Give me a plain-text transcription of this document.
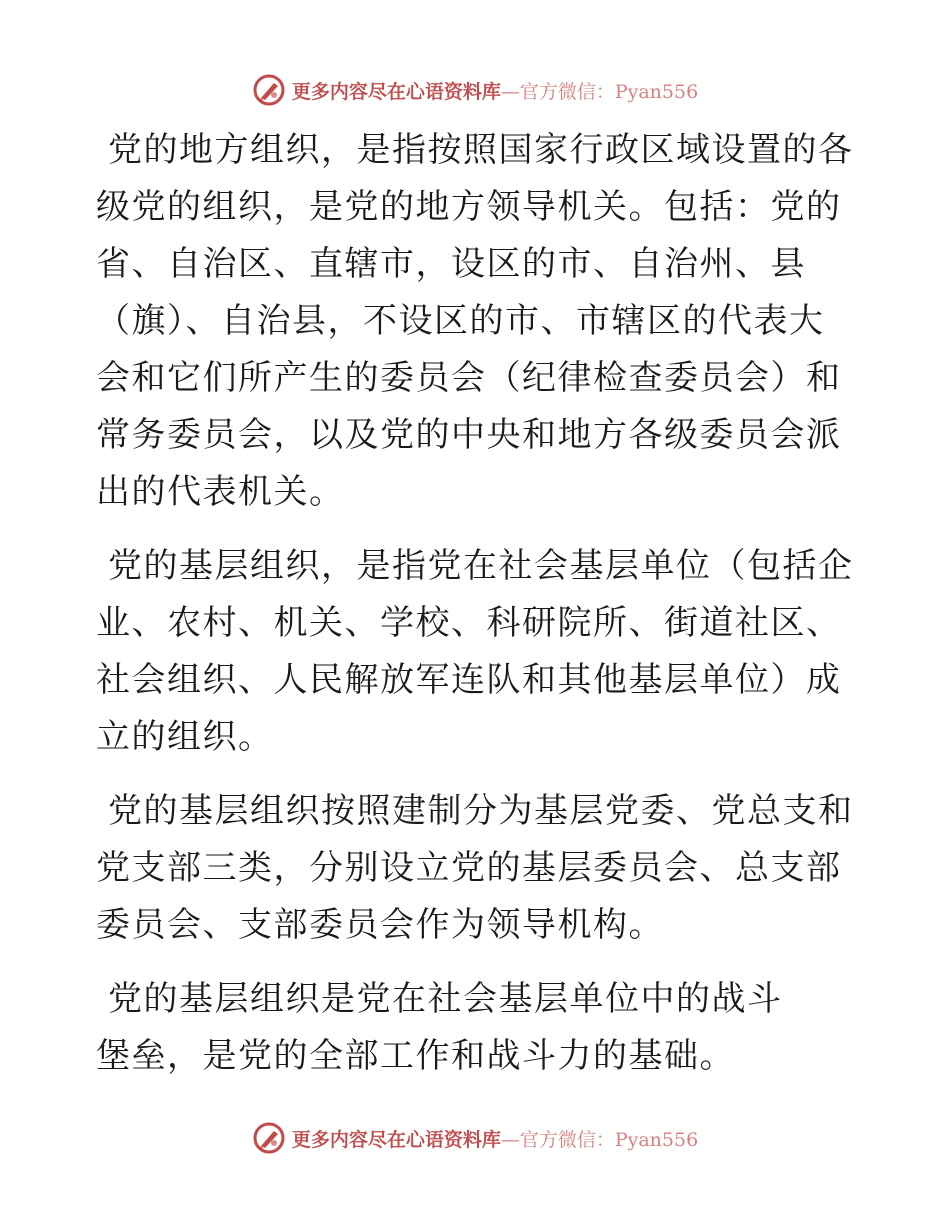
更多内容尽在心语资料库—官方微信：Pyan556

党的地方组织，是指按照国家行政区域设置的各级党的组织，是党的地方领导机关。包括：党的省、自治区、直辖市，设区的市、自治州、县（旗）、自治县，不设区的市、市辖区的代表大会和它们所产生的委员会（纪律检查委员会）和常务委员会，以及党的中央和地方各级委员会派出的代表机关。

党的基层组织，是指党在社会基层单位（包括企业、农村、机关、学校、科研院所、街道社区、社会组织、人民解放军连队和其他基层单位）成立的组织。

党的基层组织按照建制分为基层党委、党总支和党支部三类，分别设立党的基层委员会、总支部委员会、支部委员会作为领导机构。

党的基层组织是党在社会基层单位中的战斗堡垒，是党的全部工作和战斗力的基础。

更多内容尽在心语资料库—官方微信：Pyan556
